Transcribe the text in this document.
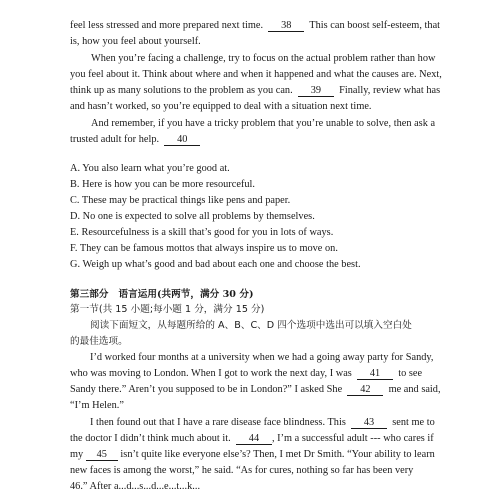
feel less stressed and more prepared next time. 38 This can boost self-esteem, that
is, how you feel about yourself.
When you’re facing a challenge, try to focus on the actual problem rather than how
you feel about it. Think about where and when it happened and what the causes are. Next,
think up as many solutions to the problem as you can. 39 Finally, review what has
and hasn’t worked, so you’re equipped to deal with a situation next time.
And remember, if you have a tricky problem that you’re unable to solve, then ask a
trusted adult for help. 40
A. You also learn what you’re good at.
B. Here is how you can be more resourceful.
C. These may be practical things like pens and paper.
D. No one is expected to solve all problems by themselves.
E. Resourcefulness is a skill that’s good for you in lots of ways.
F. They can be famous mottos that always inspire us to move on.
G. Weigh up what’s good and bad about each one and choose the best.
第三部分   语言运用(共两节，满分 30 分)
第一节(共 15 小题;每小题 1 分，满分 15 分)
阅读下面短文，从每题所给的 A、B、C、D 四个选项中选出可以填入空白处
的最佳选项。
I’d worked four months at a university when we had a going away party for Sandy,
who was moving to London. When I got to work the next day, I was 41 to see
Sandy there.” Aren’t you supposed to be in London?” I asked She 42 me and said,
“I’m Helen.”
I then found out that I have a rare disease face blindness. This 43 sent me to
the doctor I didn’t think much about it. 44 , I’m a successful adult --- who cares if
my 45 isn’t quite like everyone else’s? Then, I met Dr Smith. “Your ability to learn
new faces is among the worst,” he said. “As for cures, nothing so far has been very
46.” After a...d...s...d...e...t...k...
